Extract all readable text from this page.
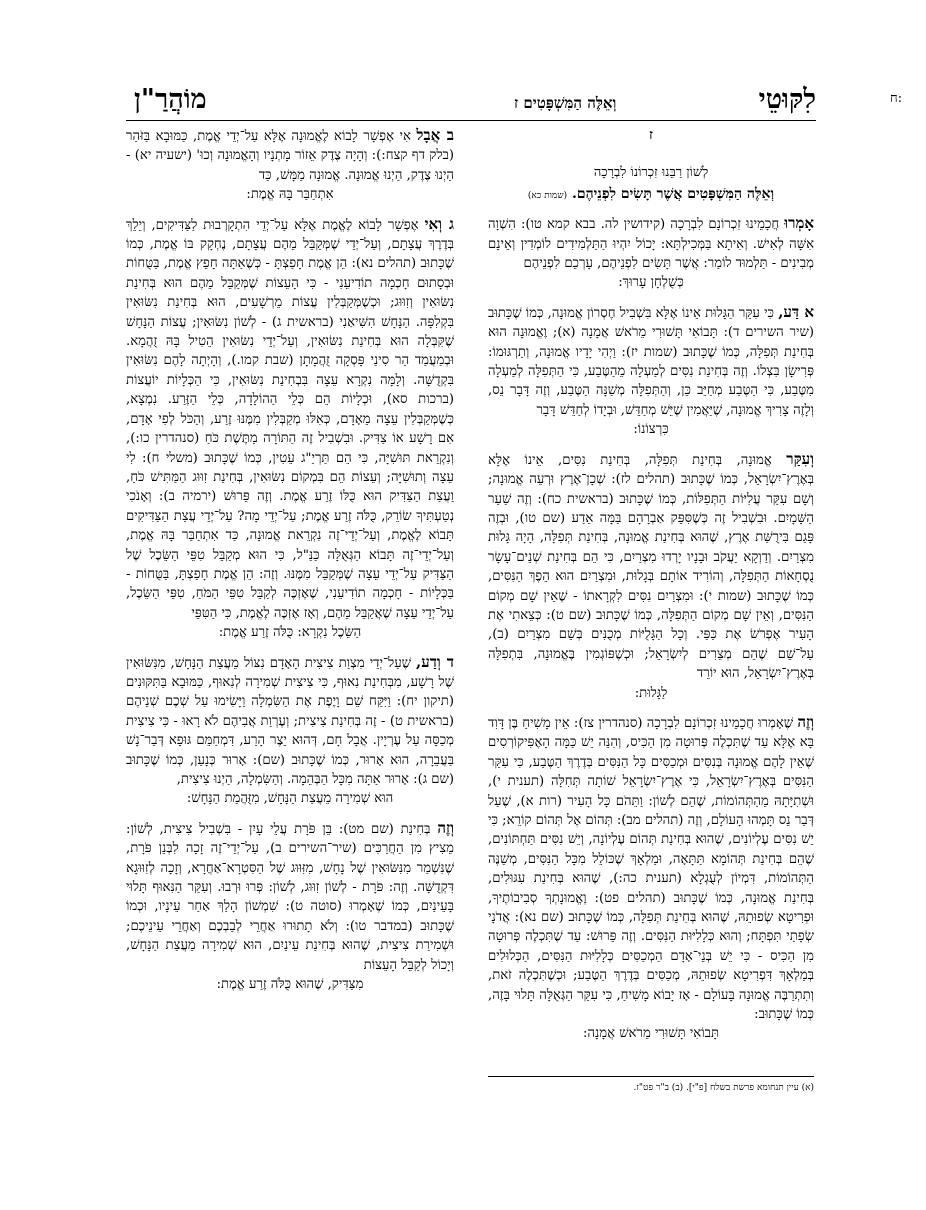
ח:
לִקּוּטֵי
וְאֵלֶּה הַמִּשְׁפָּטִים ז
מוֹהֲרַ"ן
ז
לְשׁוֹן רַבֵּנוּ זִכְרוֹנוֹ לִבְרָכָה
וְאֵלֶּה הַמִּשְׁפָּטִים אֲשֶׁר תָּשִׂים לִפְנֵיהֶם. (שמות כא)
אָמְרוּ חֲכָמֵינוּ זִכְרוֹנָם לִבְרָכָה (קידושין לה. בבא קמא טו): הִשְׁוָה אִשָּׁה לְאִישׁ. וְאִיתָא בַּמְּכִילְתָּא: יָכוֹל יִהְיוּ הַתַּלְמִידִים לוֹמְדִין וְאֵינָם מְבִינִים - תַּלְמוּד לוֹמַר: אֲשֶׁר תָּשִׂים לִפְנֵיהֶם, עָרְכֵם לִפְנֵיהֶם
כְּשֻׁלְחָן עָרוּךְ:
א דַּע, כִּי עִקַּר הַגָּלוּת אֵינוֹ אֶלָּא בִּשְׁבִיל חֶסְרוֹן אֱמוּנָה, כְּמוֹ שֶׁכָּתוּב (שיר השירים ד): תָּבוֹאִי תָּשׁוּרִי מֵרֹאשׁ אֲמָנָה (א); וֶאֱמוּנָה הוּא בְּחִינַת תְּפִלָּה, כְּמוֹ שֶׁכָּתוּב (שמות יז): וַיְהִי יָדָיו אֱמוּנָה, וְתַרְגּוּמוֹ: פְּרִישָׂן בִּצְלוֹ. וְזֶה בְּחִינַת נִסִּים לְמַעְלָה מֵהַטֶּבַע, כִּי הַתְּפִלָּה לְמַעְלָה מִטֶּבַע, כִּי הַטֶּבַע מְחַיֵּב כֵּן, וְהַתְּפִלָּה מְשַׁנָּה הַטֶּבַע, וְזֶה דָּבָר נֵס, וְלָזֶה צָרִיךְ אֱמוּנָה, שֶׁיַּאֲמִין שֶׁיֵּשׁ מְחַדֵּשׁ, וּבְיָדוֹ לְחַדֵּשׁ דָּבָר
כִּרְצוֹנוֹ:
וְעִקַּר אֱמוּנָה, בְּחִינַת תְּפִלָּה, בְּחִינַת נִסִּים, אֵינוֹ אֶלָּא בְּאֶרֶץ־יִשְׂרָאֵל, כְּמוֹ שֶׁכָּתוּב (תהלים לז): שְׁכָן־אֶרֶץ וּרְעֵה אֱמוּנָה; וְשָׁם עִקַּר עֲלִיּוֹת הַתְּפִלּוֹת, כְּמוֹ שֶׁכָּתוּב (בראשית כח): וְזֶה שַׁעַר הַשָּׁמָיִם. וּבִשְׁבִיל זֶה כְּשֶׁסִּפֵּק אַבְרָהָם בַּמָּה אֵדַע (שם טו), וּבְזֶה פָּגַם בִּירֻשַּׁת אֶרֶץ, שֶׁהוּא בְּחִינַת אֱמוּנָה, בְּחִינַת תְּפִלָּה, הָיָה גָּלוּת מִצְרַיִם. וְדַוְקָא יַעֲקֹב וּבָנָיו יָרְדוּ מִצְרַיִם, כִּי הֵם בְּחִינַת שְׁנֵים־עָשָׂר נֻסְחָאוֹת הַתְּפִלָּה, וְהוֹרִיד אוֹתָם בְּגָלוּת, וּמִצְרַיִם הוּא הֵפֶךְ הַנִּסִּים, כְּמוֹ שֶׁכָּתוּב (שמות י): וּמִצְרַיִם נִסִּים לִקְרָאתוֹ - שֶׁאֵין שָׁם מְקוֹם הַנִּסִּים, וְאֵין שָׁם מְקוֹם הַתְּפִלָּה, כְּמוֹ שֶׁכָּתוּב (שם ט): כְּצֵאתִי אֶת הָעִיר אֶפְרֹשׂ אֶת כַּפַּי. וְכָל הַגָּלֻיּוֹת מְכֻנִּים בְּשֵׁם מִצְרַיִם (ב), עַל־שֵׁם שֶׁהֵם מְצֵרִים לְיִשְׂרָאֵל; וּכְשֶׁפּוֹגְמִין בֶּאֱמוּנָה, בִּתְפִלָּה בְּאֶרֶץ־יִשְׂרָאֵל, הוּא יוֹרֵד
לַגָּלוּת:
וְזֶה שֶׁאָמְרוּ חֲכָמֵינוּ זִכְרוֹנָם לִבְרָכָה (סנהדרין צז): אֵין מָשִׁיחַ בֶּן דָּוִד בָּא אֶלָּא עַד שֶׁתִּכְלֶה פְּרוּטָה מִן הַכִּיס, וְהִנֵּה יֵשׁ כַּמָּה הָאֶפִּיקוֹרְסִים שֶׁאֵין לָהֶם אֱמוּנָה בְּנִסִּים וּמְכַסִּים כָּל הַנִּסִּים בְּדֶרֶךְ הַטֶּבַע, כִּי עִקַּר הַנִּסִּים בְּאֶרֶץ־יִשְׂרָאֵל, כִּי אֶרֶץ־יִשְׂרָאֵל שׁוֹתָה תְּחִלָּה (תענית י), וּשְׁתִיָּתָהּ מֵהַתְּהוֹמוֹת, שֶׁהֵם לְשׁוֹן: וַתֵּהֹם כָּל הָעִיר (רות א), שֶׁעַל דְּבַר נֵס תָּמְהוּ הָעוֹלָם, וְזֶה (תהלים מב): תְּהוֹם אֶל תְּהוֹם קוֹרֵא; כִּי יֵשׁ נִסִּים עֶלְיוֹנִים, שֶׁהוּא בְּחִינַת תְּהוֹם עֶלְיוֹנָה, וְיֵשׁ נִסִּים תַּחְתּוֹנִים, שֶׁהֵם בְּחִינַת תְּהוֹמָא תַּתָּאָה, וּמַלְאָךְ שֶׁכּוֹלֵל מִכָּל הַנִּסִּים, מְשַׁנֶּה הַתְּהוֹמוֹת, דִּמְיוֹן לְעֻגְלָא (תענית כה:), שֶׁהוּא בְּחִינַת עִגּוּלִים, בְּחִינַת אֱמוּנָה, כְּמוֹ שֶׁכָּתוּב (תהלים פט): וֶאֱמוּנָתְךָ סְבִיבוֹתֶיךָ, וּפְרִיטָא שְׂפוּתֵהּ, שֶׁהוּא בְּחִינַת תְּפִלָּה, כְּמוֹ שֶׁכָּתוּב (שם נא): אֲדֹנָי שְׂפָתַי תִּפְתָּח; וְהוּא כְּלָלִיּוּת הַנִּסִּים. וְזֶה פֵּרוּשׁ: עַד שֶׁתִּכְלֶה פְּרוּטָה מִן הַכִּיס - כִּי יֵשׁ בְּנֵי־אָדָם הַמְכַסִּים כְּלָלִיּוּת הַנִּסִּים, הַכְּלוּלִים בְּמַלְאָךְ דִּפְרִיטָא שְׂפוּתֵהּ, מְכַסִּים בְּדֶרֶךְ הַטֶּבַע; וּכְשֶׁתִּכְלֶה זֹאת, וְתִתְרַבֶּה אֱמוּנָה בָּעוֹלָם - אָז יָבוֹא מָשִׁיחַ, כִּי עִקַּר הַגְּאֻלָּה תָּלוּי בָּזֶה, כְּמוֹ שֶׁכָּתוּב:
תָּבוֹאִי תָּשׁוּרִי מֵרֹאשׁ אֲמָנָה:
ב אֲבָל אִי אֶפְשָׁר לָבוֹא לֶאֱמוּנָה אֶלָּא עַל־יְדֵי אֱמֶת, כַּמּוּבָא בַּזֹּהַר (בלק דף קצח:): וְהָיָה צֶדֶק אֵזוֹר מָתְנָיו וְהָאֱמוּנָה וְכוּ' (ישעיה יא) - הַיְנוּ צֶדֶק, הַיְנוּ אֱמוּנָה. אֱמוּנָה מַמָּשׁ, כַּד
אִתְחַבַּר בָּהּ אֱמֶת:
ג וְאִי אֶפְשָׁר לָבוֹא לֶאֱמֶת אֶלָּא עַל־יְדֵי הִתְקָרְבוּת לַצַּדִּיקִים, וְיֵלֵךְ בְּדֶרֶךְ עֲצָתָם, וְעַל־יְדֵי שֶׁמְּקַבֵּל מֵהֶם עֲצָתָם, נֶחְקָק בּוֹ אֱמֶת, כְּמוֹ שֶׁכָּתוּב (תהלים נא): הֵן אֱמֶת חָפַצְתָּ - כְּשֶׁאַתָּה חָפֵץ אֱמֶת, בַּטֻּחוֹת וּבְסָתוּם חָכְמָה תוֹדִיעֵנִי - כִּי הָעֵצוֹת שֶׁמְּקַבֵּל מֵהֶם הוּא בְּחִינַת נִשּׂוּאִין וְזִוּוּג; וּכְשֶׁמְּקַבְּלִין עֲצוֹת מֵרְשָׁעִים, הוּא בְּחִינַת נִשּׂוּאִין בִּקְלִפָּה. הַנָּחָשׁ הִשִּׁיאַנִי (בראשית ג) - לְשׁוֹן נִשּׂוּאִין; עֲצוֹת הַנָּחָשׁ שֶׁקִּבְּלָה הוּא בְּחִינַת נִשּׂוּאִין, וְעַל־יְדֵי נִשּׂוּאִין הֵטִיל בָּהּ זֻהֲמָא. וּבְמַעֲמַד הַר סִינַי פָּסְקָה זֻהֲמָתָן (שבת קמו.), וְהָיְתָה לָהֶם נִשּׂוּאִין בִּקְדֻשָּׁה. וְלָמָּה נִקְרָא עֵצָה בִּבְחִינַת נִשּׂוּאִין, כִּי הַכְּלָיוֹת יוֹעֲצוֹת (ברכות סא), וּכְלָיוֹת הֵם כְּלֵי הַהוֹלָדָה, כְּלֵי הַזֶּרַע. נִמְצָא, כְּשֶׁמְּקַבְּלִין עֵצָה מֵאָדָם, כְּאִלּוּ מְקַבְּלִין מִמֶּנּוּ זֶרַע, וְהַכֹּל לְפִי אָדָם, אִם רָשָׁע אוֹ צַדִּיק. וּבִשְׁבִיל זֶה הַתּוֹרָה מַתֶּשֶׁת כֹּחַ (סנהדרין כו:), וְנִקְרֵאת תּוּשִׁיָּה, כִּי הֵם תַּרְיַ"ג עֵטִין, כְּמוֹ שֶׁכָּתוּב (משלי ח): לִי עֵצָה וְתוּשִׁיָּה; וְעֵצוֹת הֵם בִּמְקוֹם נִשּׂוּאִין, בְּחִינַת זִוּוּג הַמַּתִּישׁ כֹּחַ, וַעֲצַת הַצַּדִּיק הוּא כֻּלּוֹ זֶרַע אֱמֶת. וְזֶה פֵּרוּשׁ (ירמיה ב): וְאָנֹכִי נְטַעְתִּיךָ שׂוֹרֵק, כֻּלֹּה זֶרַע אֱמֶת; עַל־יְדֵי מָה? עַל־יְדֵי עֲצַת הַצַּדִּיקִים תָּבוֹא לֶאֱמֶת, וְעַל־יְדֵי־זֶה נִקְרֵאת אֱמוּנָה, כַּד אִתְחַבַּר בָּהּ אֱמֶת, וְעַל־יְדֵי־זֶה תָּבוֹא הַגְּאֻלָּה כַּנַּ"ל, כִּי הוּא מְקַבֵּל טִפֵּי הַשֵּׂכֶל שֶׁל הַצַּדִּיק עַל־יְדֵי עֵצָה שֶׁמְּקַבֵּל מִמֶּנּוּ. וְזֶה: הֵן אֱמֶת חָפַצְתָּ, בַּטֻּחוֹת - בַּכְּלָיוֹת - חָכְמָה תוֹדִיעֵנִי, שֶׁאֶזְכֶּה לְקַבֵּל טִפֵּי הַמֹּחַ, טִפֵּי הַשֵּׂכֶל, עַל־יְדֵי עֵצָה שֶׁאֲקַבֵּל מֵהֶם, וְאָז אֶזְכֶּה לֶאֱמֶת, כִּי הַטִּפֵּי
הַשֵּׂכֶל נִקְרָא: כֻּלֹּה זֶרַע אֱמֶת:
ד וְדַע, שֶׁעַל־יְדֵי מִצְוַת צִיצִית הָאָדָם נִצּוֹל מֵעֲצַת הַנָּחָשׁ, מִנִּשּׂוּאִין שֶׁל רָשָׁע, מִבְּחִינַת נִאוּף, כִּי צִיצִית שְׁמִירָה לְנִאוּף, כַּמּוּבָא בַּתִּקּוּנִים (תיקון יח): וַיִּקַּח שֵׁם וָיֶפֶת אֶת הַשִּׂמְלָה וַיָּשִׂימוּ עַל שְׁכֶם שְׁנֵיהֶם (בראשית ט) - זֶה בְּחִינַת צִיצִית; וְעֶרְוַת אֲבִיהֶם לֹא רָאוּ - כִּי צִיצִית מְכַסָּה עַל עֶרְיָין. אֲבָל חָם, דְּהוּא יֵצֶר הָרַע, דִּמְחַמֵּם גּוּפָא דְּבַר־נָשׁ בַּעֲבֵרָה, הוּא אָרוּר, כְּמוֹ שֶׁכָּתוּב (שם): אָרוּר כְּנָעַן, כְּמוֹ שֶׁכָּתוּב (שם ג): אָרוּר אַתָּה מִכָּל הַבְּהֵמָה. וְהַשִּׂמְלָה, הַיְנוּ צִיצִית,
הוּא שְׁמִירָה מֵעֲצַת הַנָּחָשׁ, מִזֻּהֲמַת הַנָּחָשׁ:
וְזֶה בְּחִינַת (שם מט): בֵּן פֹּרָת עֲלֵי עָיִן - בִּשְׁבִיל צִיצִית, לְשׁוֹן: מֵצִיץ מִן הַחֲרַכִּים (שיר־השירים ב), עַל־יְדֵי־זֶה זָכָה לִבְּנֵן פֹּרָת, שֶׁנִּשְׁמַר מִנִּשּׂוּאִין שֶׁל נָחָשׁ, מִזִּוּוּג שֶׁל הַסִּטְרָא־אַחֲרָא, וְזָכָה לְזִוּוּגָא דִּקְדֻשָּׁה. וְזֶה: פֹּרָת - לְשׁוֹן זִוּוּג, לְשׁוֹן: פְּרוּ וּרְבוּ. וְעִקַּר הַנִּאוּף תָּלוּי בָּעֵינַיִם, כְּמוֹ שֶׁאָמְרוּ (סוטה ט): שִׁמְשׁוֹן הָלַךְ אַחַר עֵינָיו, וּכְמוֹ שֶׁכָּתוּב (במדבר טו): וְלֹא תָתוּרוּ אַחֲרֵי לְבַבְכֶם וְאַחֲרֵי עֵינֵיכֶם; וּשְׁמִירַת צִיצִית, שֶׁהוּא בְּחִינַת עֵינַיִם, הוּא שְׁמִירָה מֵעֲצַת הַנָּחָשׁ, וְיָכוֹל לְקַבֵּל הָעֵצוֹת
מִצַּדִּיק, שֶׁהוּא כֻּלֹּה זֶרַע אֱמֶת:
(א) עיין תנחומא פרשת בשלח [פ"י]. (ב) ב"ר פט"ז.
